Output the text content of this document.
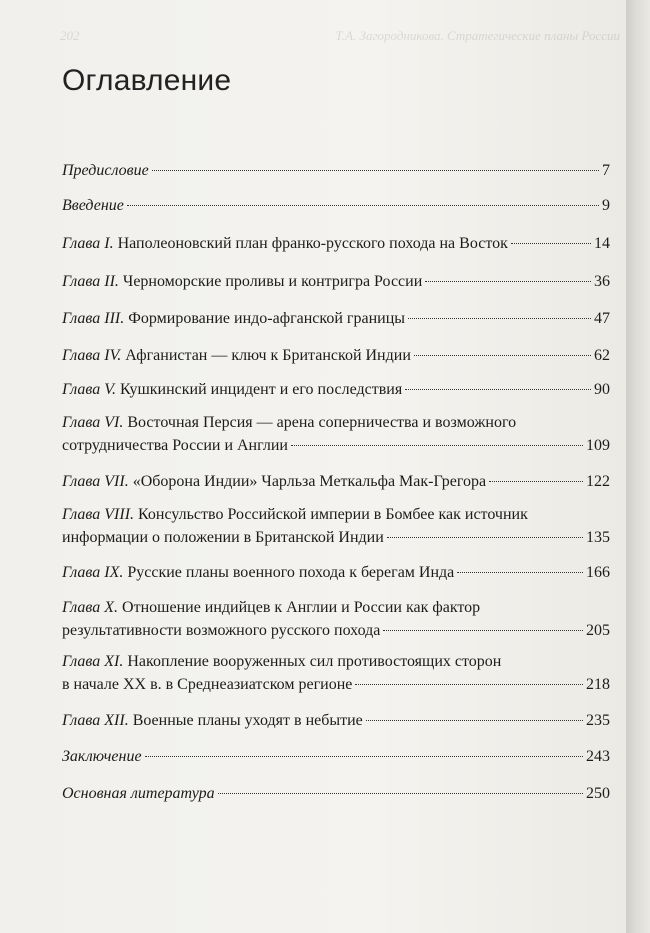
202	Т.А. Загородникова. Стратегические планы России
Оглавление
Предисловие	7
Введение	9
Глава I. Наполеоновский план франко-русского похода на Восток	14
Глава II. Черноморские проливы и контригра России	36
Глава III. Формирование индо-афганской границы	47
Глава IV. Афганистан — ключ к Британской Индии	62
Глава V. Кушкинский инцидент и его последствия	90
Глава VI. Восточная Персия — арена соперничества и возможного
сотрудничества России и Англии	109
Глава VII. «Оборона Индии» Чарльза Меткальфа Мак-Грегора	122
Глава VIII. Консульство Российской империи в Бомбее как источник
информации о положении в Британской Индии	135
Глава IX. Русские планы военного похода к берегам Инда	166
Глава X. Отношение индийцев к Англии и России как фактор
результативности возможного русского похода	205
Глава XI. Накопление вооруженных сил противостоящих сторон
в начале XX в. в Среднеазиатском регионе	218
Глава XII. Военные планы уходят в небытие	235
Заключение	243
Основная литература	250
